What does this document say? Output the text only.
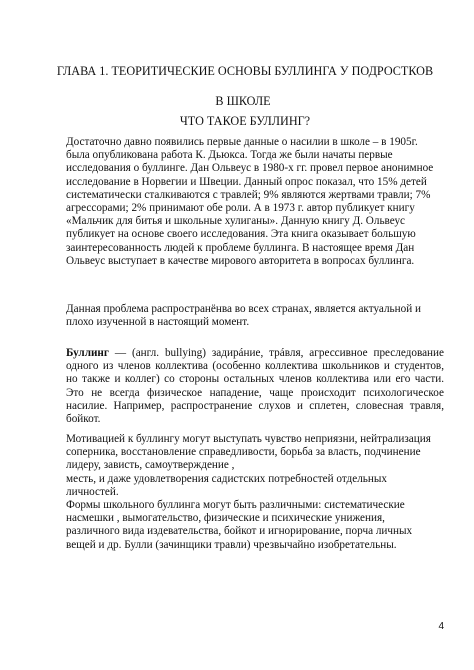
ГЛАВА 1. ТЕОРИТИЧЕСКИЕ ОСНОВЫ БУЛЛИНГА У ПОДРОСТКОВ
В ШКОЛЕ
ЧТО ТАКОЕ БУЛЛИНГ?
Достаточно давно появились первые данные о насилии в школе – в 1905г.
была опубликована работа К. Дьюкса. Тогда же были начаты первые
исследования о буллинге. Дан Ольвеус в 1980-х гг. провел первое анонимное
исследование в Норвегии и Швеции. Данный опрос показал, что 15% детей
систематически сталкиваются с травлей; 9% являются жертвами травли; 7%
агрессорами; 2% принимают обе роли. А в 1973 г. автор публикует книгу
«Мальчик для битья и школьные хулиганы». Данную книгу Д. Ольвеус
публикует на основе своего исследования. Эта книга оказывает большую
заинтересованность людей к проблеме буллинга. В настоящее время Дан
Ольвеус выступает в качестве мирового авторитета в вопросах буллинга.
Данная проблема распространёнва во всех странах, является актуальной и
плохо изученной в настоящий момент.
Буллинг — (англ. bullying) задирáние, трáвля, агрессивное преследование
одного из членов коллектива (особенно коллектива школьников и студентов,
но также и коллег) со стороны остальных членов коллектива или его части.
Это не всегда физическое нападение, чаще происходит психологическое
насилие. Например, распространение слухов и сплетен, словесная травля,
бойкот.
Мотивацией к буллингу могут выступать чувство неприязни, нейтрализация
соперника, восстановление справедливости, борьба за власть, подчинение
лидеру, зависть, самоутверждение ,
месть, и даже удовлетворения садистских потребностей отдельных
личностей.
Формы школьного буллинга могут быть различными: систематические
насмешки , вымогательство, физические и психические унижения,
различного вида издевательства, бойкот и игнорирование, порча личных
вещей и др. Булли (зачинщики травли) чрезвычайно изобретательны.
4
